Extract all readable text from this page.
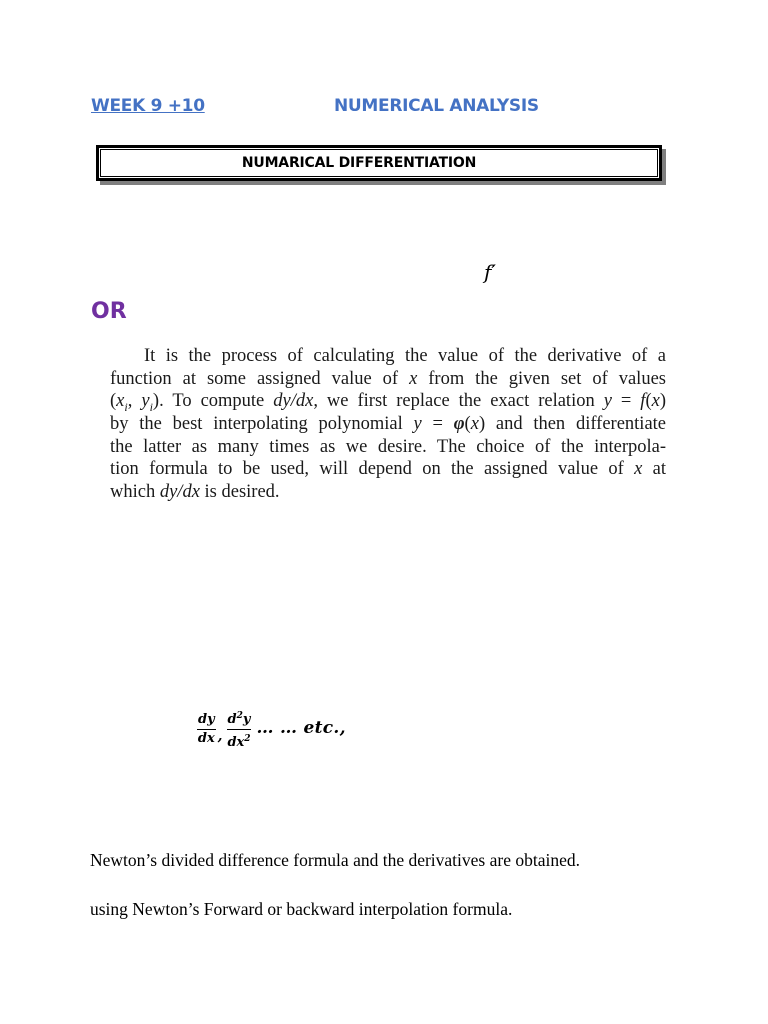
WEEK 9 +10	NUMERICAL ANALYSIS
NUMARICAL DIFFERENTIATION
f′
OR
It is the process of calculating the value of the derivative of a
function at some assigned value of x from the given set of values
($x_i$, $y_i$). To compute dy/dx, we first replace the exact relation y = f(x)
by the best interpolating polynomial y = φ(x) and then differentiate
the latter as many times as we desire. The choice of the interpola-
tion formula to be used, will depend on the assigned value of x at
which dy/dx is desired.
$\frac{dy}{dx}$ , $\frac{d^2y}{dx^2}$ … … etc.,
Newton’s divided difference formula and the derivatives are obtained.
using Newton’s Forward or backward interpolation formula.
